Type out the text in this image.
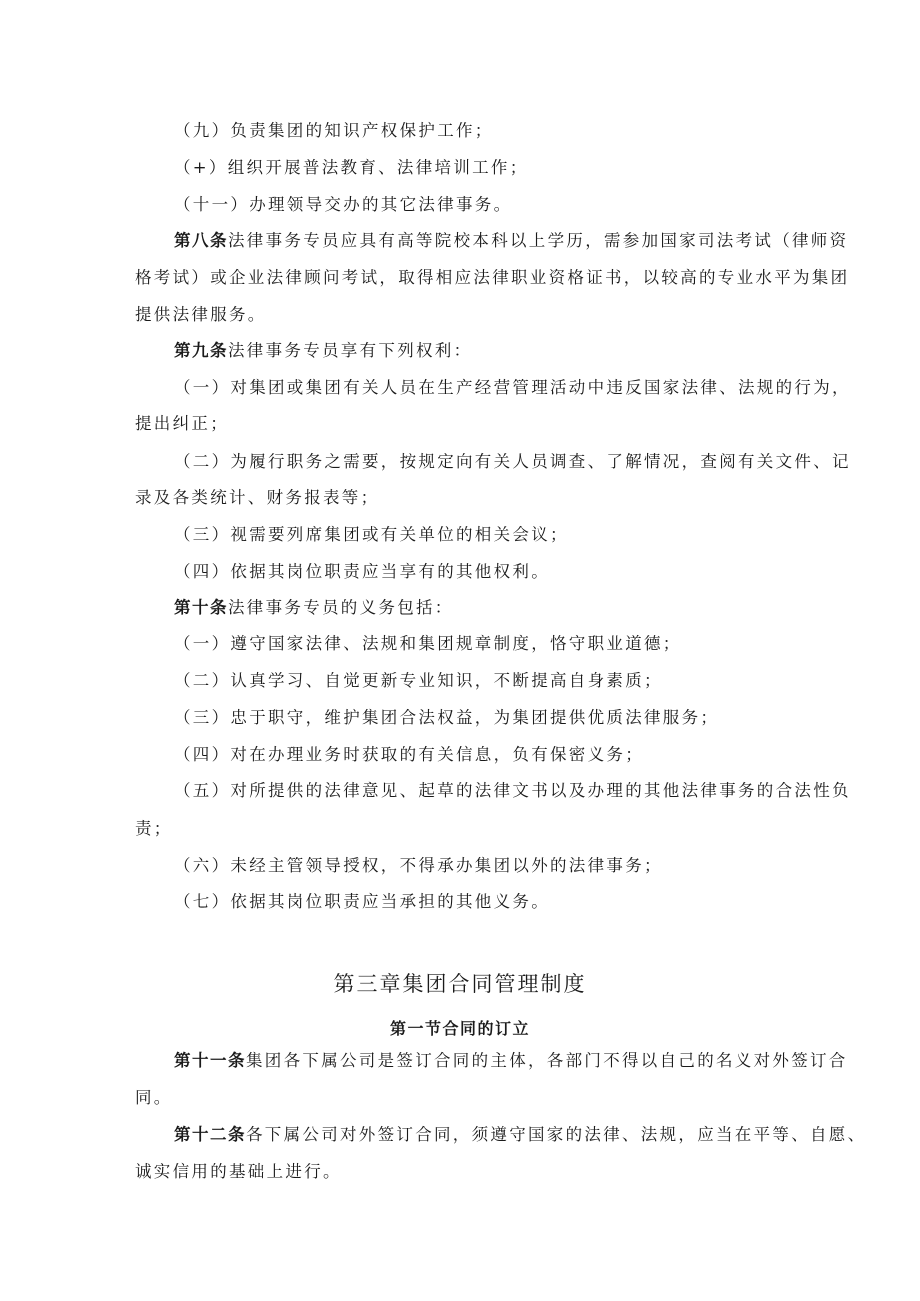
（九）负责集团的知识产权保护工作；
（+）组织开展普法教育、法律培训工作；
（十一）办理领导交办的其它法律事务。
第八条法律事务专员应具有高等院校本科以上学历，需参加国家司法考试（律师资
格考试）或企业法律顾问考试，取得相应法律职业资格证书，以较高的专业水平为集团
提供法律服务。
第九条法律事务专员享有下列权利：
（一）对集团或集团有关人员在生产经营管理活动中违反国家法律、法规的行为，
提出纠正；
（二）为履行职务之需要，按规定向有关人员调查、了解情况，查阅有关文件、记
录及各类统计、财务报表等；
（三）视需要列席集团或有关单位的相关会议；
（四）依据其岗位职责应当享有的其他权利。
第十条法律事务专员的义务包括：
（一）遵守国家法律、法规和集团规章制度，恪守职业道德；
（二）认真学习、自觉更新专业知识，不断提高自身素质；
（三）忠于职守，维护集团合法权益，为集团提供优质法律服务；
（四）对在办理业务时获取的有关信息，负有保密义务；
（五）对所提供的法律意见、起草的法律文书以及办理的其他法律事务的合法性负
责；
（六）未经主管领导授权，不得承办集团以外的法律事务；
（七）依据其岗位职责应当承担的其他义务。
第三章集团合同管理制度
第一节合同的订立
第十一条集团各下属公司是签订合同的主体，各部门不得以自己的名义对外签订合
同。
第十二条各下属公司对外签订合同，须遵守国家的法律、法规，应当在平等、自愿、
诚实信用的基础上进行。
